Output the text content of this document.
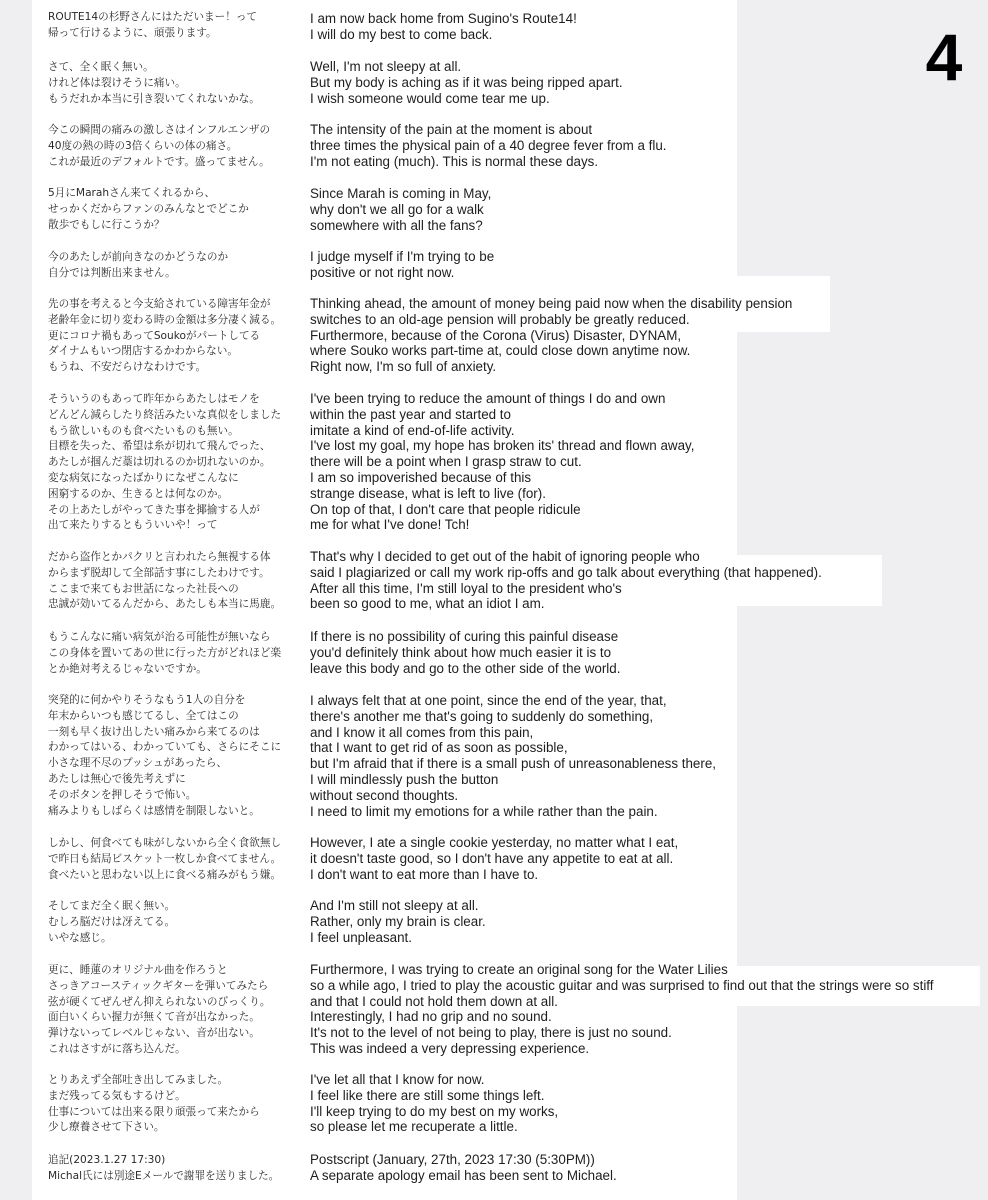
4
ROUTE14の杉野さんにはただいまー！って
帰って行けるように、頑張ります。
I am now back home from Sugino's Route14!
I will do my best to come back.
さて、全く眠く無い。
けれど体は裂けそうに痛い。
もうだれか本当に引き裂いてくれないかな。
Well, I'm not sleepy at all.
But my body is aching as if it was being ripped apart.
I wish someone would come tear me up.
今この瞬間の痛みの激しさはインフルエンザの
40度の熱の時の3倍くらいの体の痛さ。
これが最近のデフォルトです。盛ってません。
The intensity of the pain at the moment is about
three times the physical pain of a 40 degree fever from a flu.
I'm not eating (much). This is normal these days.
5月にMarahさん来てくれるから、
せっかくだからファンのみんなとでどこか
散歩でもしに行こうか？
Since Marah is coming in May,
why don't we all go for a walk
somewhere with all the fans?
今のあたしが前向きなのかどうなのか
自分では判断出来ません。
I judge myself if I'm trying to be
positive or not right now.
先の事を考えると今支給されている障害年金が
老齢年金に切り変わる時の金額は多分凄く減る。
更にコロナ禍もあってSoukoがパートしてる
ダイナムもいつ閉店するかわからない。
もうね、不安だらけなわけです。
Thinking ahead, the amount of money being paid now when the disability pension
switches to an old-age pension will probably be greatly reduced.
Furthermore, because of the Corona (Virus) Disaster, DYNAM,
where Souko works part-time at, could close down anytime now.
Right now, I'm so full of anxiety.
そういうのもあって昨年からあたしはモノを
どんどん減らしたり終活みたいな真似をしました
もう欲しいものも食べたいものも無い。
目標を失った、希望は糸が切れて飛んでった、
あたしが掴んだ藁は切れるのか切れないのか。
変な病気になったばかりになぜこんなに
困窮するのか、生きるとは何なのか。
その上あたしがやってきた事を揶揄する人が
出て来たりするともういいや！って
I've been trying to reduce the amount of things I do and own
within the past year and started to
imitate a kind of end-of-life activity.
I've lost my goal, my hope has broken its' thread and flown away,
there will be a point when I grasp straw to cut.
I am so impoverished because of this
strange disease, what is left to live (for).
On top of that, I don't care that people ridicule
me for what I've done! Tch!
だから盗作とかパクリと言われたら無視する体
からまず脱却して全部話す事にしたわけです。
ここまで来てもお世話になった社長への
忠誠が効いてるんだから、あたしも本当に馬鹿。
That's why I decided to get out of the habit of ignoring people who
said I plagiarized or call my work rip-offs and go talk about everything (that happened).
After all this time, I'm still loyal to the president who's
been so good to me, what an idiot I am.
もうこんなに痛い病気が治る可能性が無いなら
この身体を置いてあの世に行った方がどれほど楽
とか絶対考えるじゃないですか。
If there is no possibility of curing this painful disease
you'd definitely think about how much easier it is to
leave this body and go to the other side of the world.
突発的に何かやりそうなもう1人の自分を
年末からいつも感じてるし、全てはこの
一刻も早く抜け出したい痛みから来てるのは
わかってはいる、わかっていても、さらにそこに
小さな理不尽のプッシュがあったら、
あたしは無心で後先考えずに
そのボタンを押しそうで怖い。
痛みよりもしばらくは感情を制限しないと。
I always felt that at one point, since the end of the year, that,
there's another me that's going to suddenly do something,
and I know it all comes from this pain,
that I want to get rid of as soon as possible,
but I'm afraid that if there is a small push of unreasonableness there,
I will mindlessly push the button
without second thoughts.
I need to limit my emotions for a while rather than the pain.
しかし、何食べても味がしないから全く食欲無し
で昨日も結局ビスケット一枚しか食べてません。
食べたいと思わない以上に食べる痛みがもう嫌。
However, I ate a single cookie yesterday, no matter what I eat,
it doesn't taste good, so I don't have any appetite to eat at all.
I don't want to eat more than I have to.
そしてまだ全く眠く無い。
むしろ脳だけは冴えてる。
いやな感じ。
And I'm still not sleepy at all.
Rather, only my brain is clear.
I feel unpleasant.
更に、睡蓮のオリジナル曲を作ろうと
さっきアコースティックギターを弾いてみたら
弦が硬くてぜんぜん抑えられないのびっくり。
面白いくらい握力が無くて音が出なかった。
弾けないってレベルじゃない、音が出ない。
これはさすがに落ち込んだ。
Furthermore, I was trying to create an original song for the Water Lilies
so a while ago, I tried to play the acoustic guitar and was surprised to find out that the strings were so stiff
and that I could not hold them down at all.
Interestingly, I had no grip and no sound.
It's not to the level of not being to play, there is just no sound.
This was indeed a very depressing experience.
とりあえず全部吐き出してみました。
まだ残ってる気もするけど。
仕事については出来る限り頑張って来たから
少し療養させて下さい。
I've let all that I know for now.
I feel like there are still some things left.
I'll keep trying to do my best on my works,
so please let me recuperate a little.
追記(2023.1.27 17:30)
Michal氏には別途Eメールで謝罪を送りました。
Postscript (January, 27th, 2023 17:30 (5:30PM))
A separate apology email has been sent to Michael.
